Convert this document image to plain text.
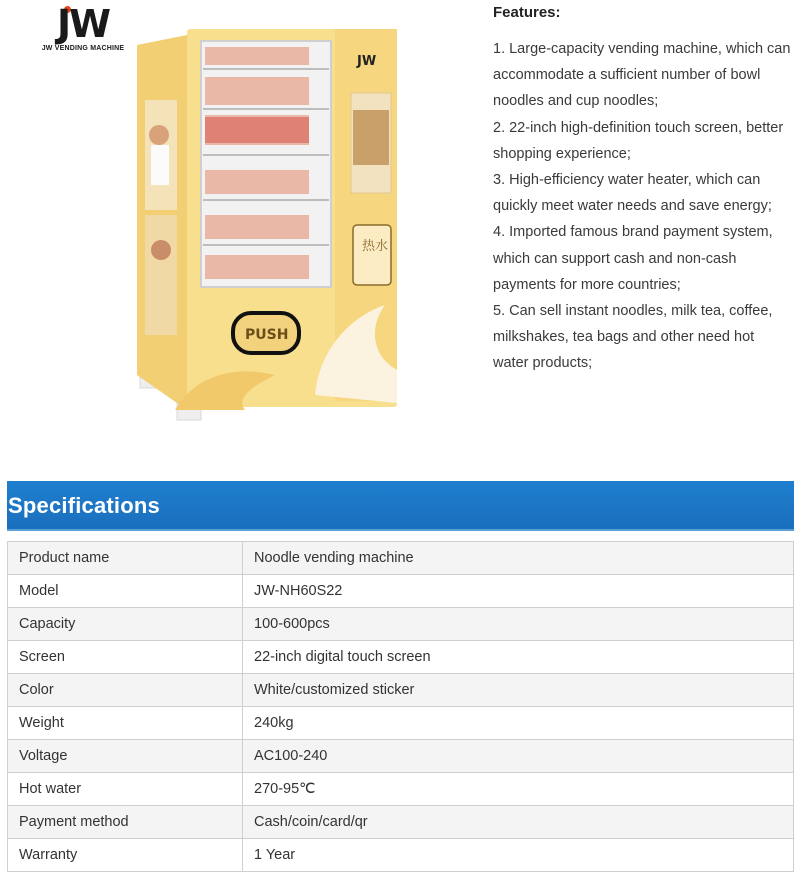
JW
JW VENDING MACHINE
JW
热水
PUSH
Features:
1. Large-capacity vending machine, which can accommodate a sufficient number of bowl noodles and cup noodles;
2. 22-inch high-definition touch screen, better shopping experience;
3. High-efficiency water heater, which can quickly meet water needs and save energy;
4. Imported famous brand payment system, which can support cash and non-cash payments for more countries;
5. Can sell instant noodles, milk tea, coffee, milkshakes, tea bags and other need hot water products;
Specifications
Product name	Noodle vending machine
Model	JW-NH60S22
Capacity	100-600pcs
Screen	22-inch digital touch screen
Color	White/customized sticker
Weight	240kg
Voltage	AC100-240
Hot water	270-95℃
Payment method	Cash/coin/card/qr
Warranty	1 Year
